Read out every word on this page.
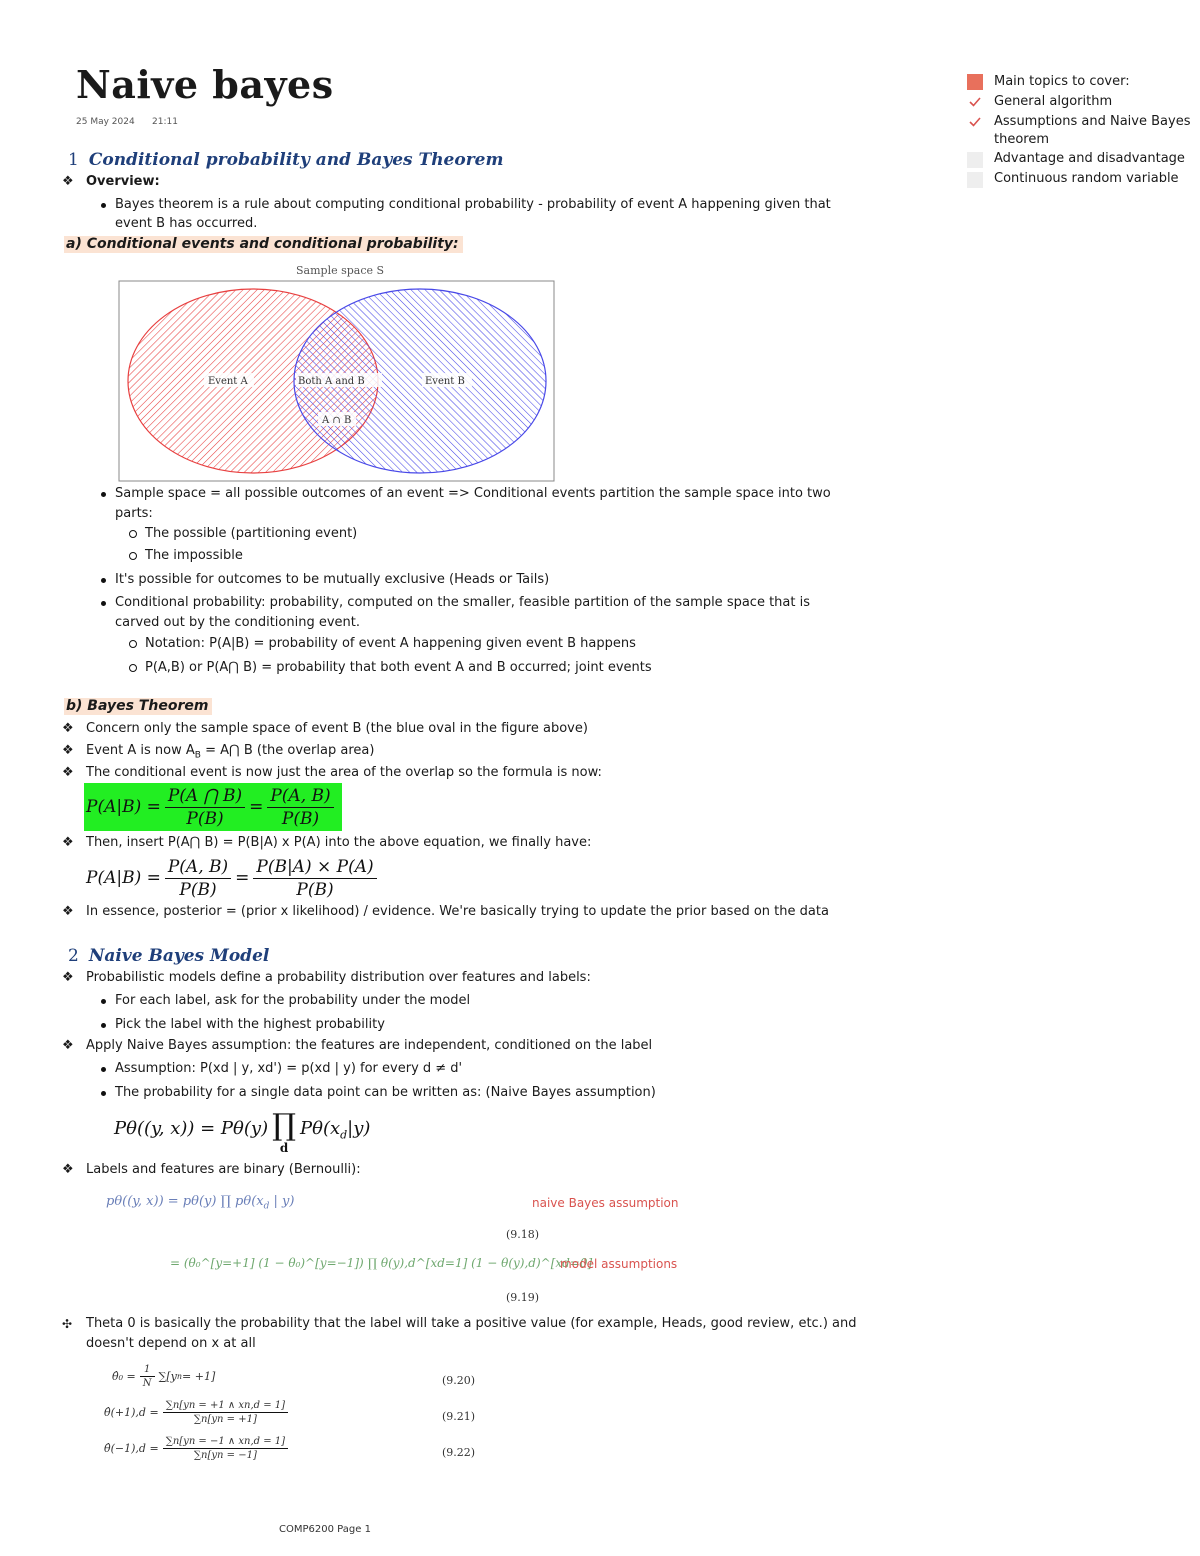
Naive bayes
25 May 2024 21:11
Main topics to cover:
General algorithm
Assumptions and Naive Bayes
theorem
Advantage and disadvantage
Continuous random variable
1 Conditional probability and Bayes Theorem
❖ Overview:
Bayes theorem is a rule about computing conditional probability - probability of event A happening given that
event B has occurred.
a) Conditional events and conditional probability:
Sample space S
Event A	Both A and B	Event B
A ∩ B
Sample space = all possible outcomes of an event => Conditional events partition the sample space into two
parts:
The possible (partitioning event)
The impossible
It's possible for outcomes to be mutually exclusive (Heads or Tails)
Conditional probability: probability, computed on the smaller, feasible partition of the sample space that is
carved out by the conditioning event.
Notation: P(A|B) = probability of event A happening given event B happens
P(A,B) or P(A⋂ B) = probability that both event A and B occurred; joint events
b) Bayes Theorem
❖ Concern only the sample space of event B (the blue oval in the figure above)
❖ Event A is now $A_B$ = A⋂ B (the overlap area)
❖ The conditional event is now just the area of the overlap so the formula is now:
$P(A|B) = \frac{P(A ⋂ B)}{P(B)} = \frac{P(A, B)}{P(B)}$
❖ Then, insert P(A⋂ B) = P(B|A) x P(A) into the above equation, we finally have:
$P(A|B) = \frac{P(A, B)}{P(B)} = \frac{P(B|A) \times P(A)}{P(B)}$
❖ In essence, posterior = (prior x likelihood) / evidence. We're basically trying to update the prior based on the data
2 Naive Bayes Model
❖ Probabilistic models define a probability distribution over features and labels:
For each label, ask for the probability under the model
Pick the label with the highest probability
❖ Apply Naive Bayes assumption: the features are independent, conditioned on the label
Assumption: P(xd | y, xd') = p(xd | y) for every d ≠ d'
The probability for a single data point can be written as: (Naive Bayes assumption)
Pθ((y, x)) = Pθ(y) ∏
d
$P\theta(x_d|y)$
❖ Labels and features are binary (Bernoulli):
pθ((y, x)) = pθ(y) ∏ $p\theta(x_d$ | y)	naive Bayes assumption
(9.18)
= (θ₀^[y=+1] (1 − θ₀)^[y=−1]) ∏ θ(y),d^[xd=1] (1 − θ(y),d)^[xd=0]
model assumptions
(9.19)
✣ Theta 0 is basically the probability that the label will take a positive value (for example, Heads, good review, etc.) and
doesn't depend on x at all
θ̂₀ = $\frac{1}{N} \sum[y$ n = +1]	(9.20)
θ̂(+1),d = $\frac{\sum n[yn = +1 \wedge xn,d = 1]}{\sum n[yn = +1]}$	(9.21)
θ̂(−1),d = $\frac{\sum n[yn = -1 \wedge xn,d = 1]}{\sum n[yn = -1]}$	(9.22)
COMP6200 Page 1
